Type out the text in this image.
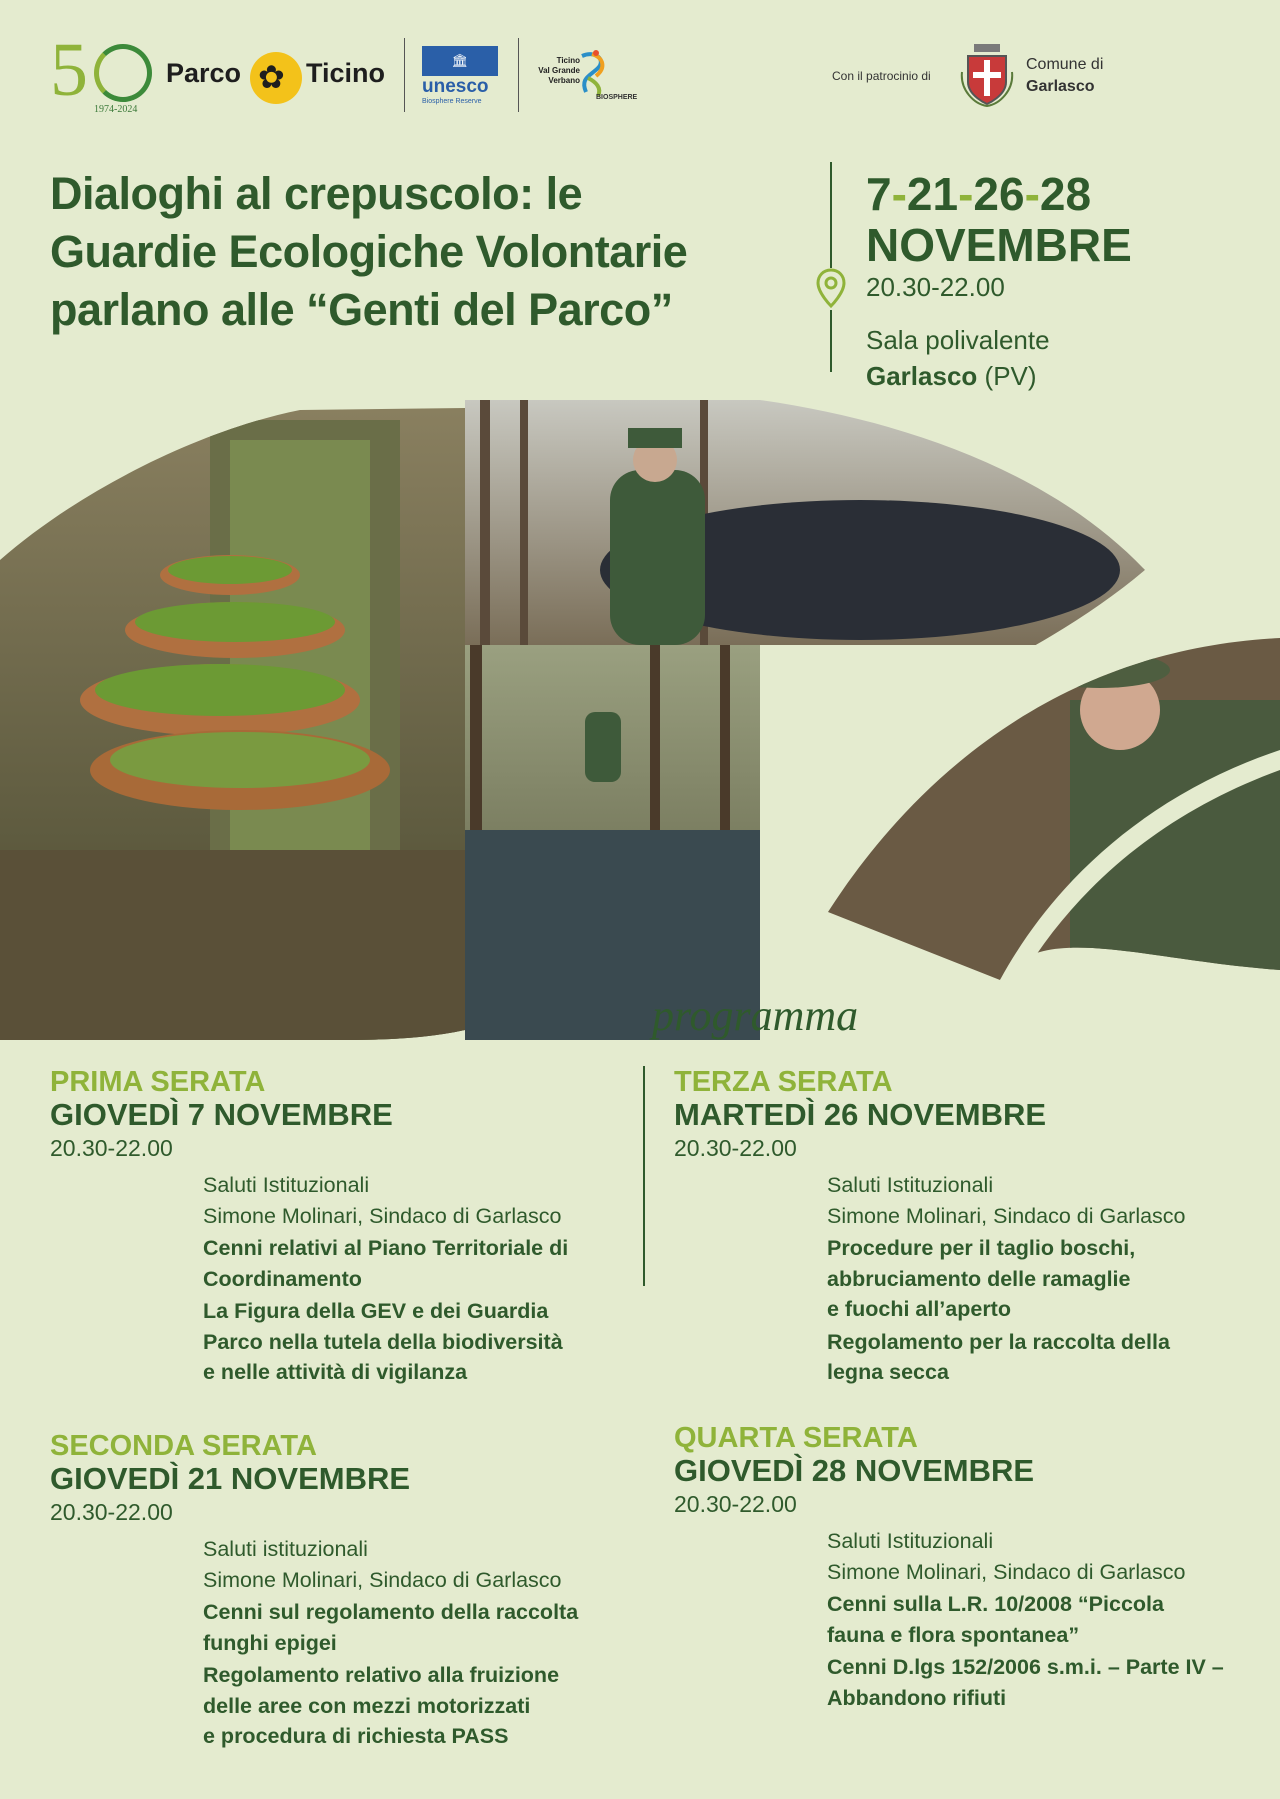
5 1974-2024
Parco ✿ Ticino	🏛
unesco
Biosphere Reserve
Ticino
Val Grande
Verbano
BIOSPHERE
Con il patrocinio di
Comune di
Garlasco
Dialoghi al crepuscolo: le
Guardie Ecologiche Volontarie
parlano alle “Genti del Parco”
7-21-26-28
NOVEMBRE
20.30-22.00
Sala polivalente
Garlasco (PV)
programma
PRIMA SERATA
GIOVEDÌ 7 NOVEMBRE
20.30-22.00
Saluti Istituzionali
Simone Molinari, Sindaco di Garlasco
Cenni relativi al Piano Territoriale di
Coordinamento
La Figura della GEV e dei Guardia
Parco nella tutela della biodiversità
e nelle attività di vigilanza
SECONDA SERATA
GIOVEDÌ 21 NOVEMBRE
20.30-22.00
Saluti istituzionali
Simone Molinari, Sindaco di Garlasco
Cenni sul regolamento della raccolta
funghi epigei
Regolamento relativo alla fruizione
delle aree con mezzi motorizzati
e procedura di richiesta PASS
TERZA SERATA
MARTEDÌ 26 NOVEMBRE
20.30-22.00
Saluti Istituzionali
Simone Molinari, Sindaco di Garlasco
Procedure per il taglio boschi,
abbruciamento delle ramaglie
e fuochi all’aperto
Regolamento per la raccolta della
legna secca
QUARTA SERATA
GIOVEDÌ 28 NOVEMBRE
20.30-22.00
Saluti Istituzionali
Simone Molinari, Sindaco di Garlasco
Cenni sulla L.R. 10/2008 “Piccola
fauna e flora spontanea”
Cenni D.lgs 152/2006 s.m.i. – Parte IV –
Abbandono rifiuti
